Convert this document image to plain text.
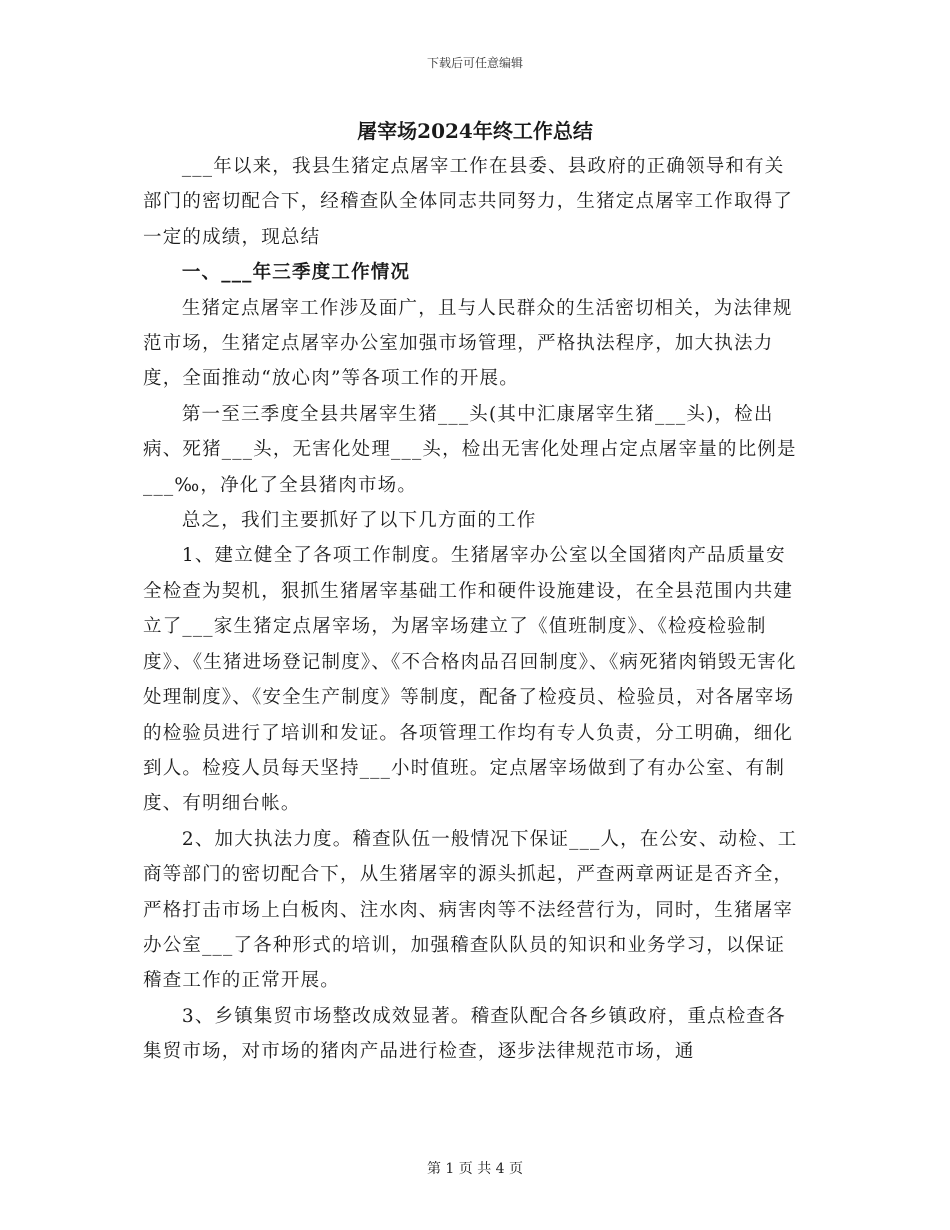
下载后可任意编辑
屠宰场2024年终工作总结

___年以来，我县生猪定点屠宰工作在县委、县政府的正确领导和有关部门的密切配合下，经稽查队全体同志共同努力，生猪定点屠宰工作取得了一定的成绩，现总结

一、___年三季度工作情况

生猪定点屠宰工作涉及面广，且与人民群众的生活密切相关，为法律规范市场，生猪定点屠宰办公室加强市场管理，严格执法程序，加大执法力度，全面推动“放心肉”等各项工作的开展。

第一至三季度全县共屠宰生猪___头(其中汇康屠宰生猪___头)，检出病、死猪___头，无害化处理___头，检出无害化处理占定点屠宰量的比例是___‰，净化了全县猪肉市场。

总之，我们主要抓好了以下几方面的工作

1、建立健全了各项工作制度。生猪屠宰办公室以全国猪肉产品质量安全检查为契机，狠抓生猪屠宰基础工作和硬件设施建设，在全县范围内共建立了___家生猪定点屠宰场，为屠宰场建立了《值班制度》、《检疫检验制度》、《生猪进场登记制度》、《不合格肉品召回制度》、《病死猪肉销毁无害化处理制度》、《安全生产制度》等制度，配备了检疫员、检验员，对各屠宰场的检验员进行了培训和发证。各项管理工作均有专人负责，分工明确，细化到人。检疫人员每天坚持___小时值班。定点屠宰场做到了有办公室、有制度、有明细台帐。

2、加大执法力度。稽查队伍一般情况下保证___人，在公安、动检、工商等部门的密切配合下，从生猪屠宰的源头抓起，严查两章两证是否齐全，严格打击市场上白板肉、注水肉、病害肉等不法经营行为，同时，生猪屠宰办公室___了各种形式的培训，加强稽查队队员的知识和业务学习，以保证稽查工作的正常开展。

3、乡镇集贸市场整改成效显著。稽查队配合各乡镇政府，重点检查各集贸市场，对市场的猪肉产品进行检查，逐步法律规范市场，通

第 1 页 共 4 页
